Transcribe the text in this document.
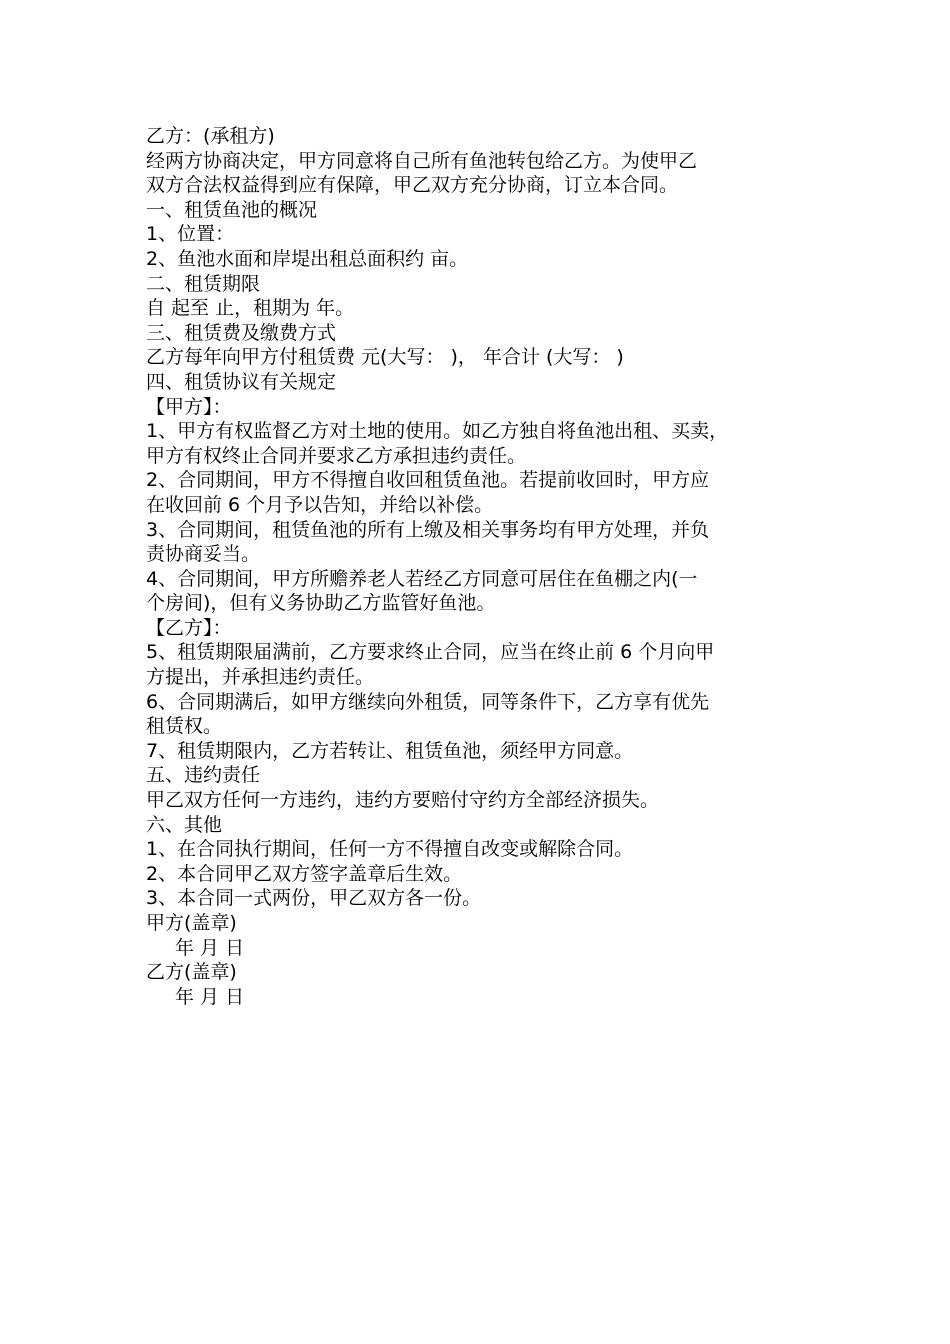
乙方：(承租方)

经两方协商决定，甲方同意将自己所有鱼池转包给乙方。为使甲乙

双方合法权益得到应有保障，甲乙双方充分协商，订立本合同。

一、租赁鱼池的概况

1、位置：

2、鱼池水面和岸堤出租总面积约 亩。

二、租赁期限

自 起至 止，租期为 年。

三、租赁费及缴费方式

乙方每年向甲方付租赁费 元(大写： )， 年合计 (大写： )

四、租赁协议有关规定

【甲方】：

1、甲方有权监督乙方对土地的使用。如乙方独自将鱼池出租、买卖，

甲方有权终止合同并要求乙方承担违约责任。

2、合同期间，甲方不得擅自收回租赁鱼池。若提前收回时，甲方应

在收回前 6 个月予以告知，并给以补偿。

3、合同期间，租赁鱼池的所有上缴及相关事务均有甲方处理，并负

责协商妥当。

4、合同期间，甲方所赡养老人若经乙方同意可居住在鱼棚之内(一

个房间)，但有义务协助乙方监管好鱼池。

【乙方】：

5、租赁期限届满前，乙方要求终止合同，应当在终止前 6 个月向甲

方提出，并承担违约责任。

6、合同期满后，如甲方继续向外租赁，同等条件下，乙方享有优先

租赁权。

7、租赁期限内，乙方若转让、租赁鱼池，须经甲方同意。

五、违约责任

甲乙双方任何一方违约，违约方要赔付守约方全部经济损失。

六、其他

1、在合同执行期间，任何一方不得擅自改变或解除合同。

2、本合同甲乙双方签字盖章后生效。

3、本合同一式两份，甲乙双方各一份。

甲方(盖章)

年 月 日

乙方(盖章)

年 月 日
